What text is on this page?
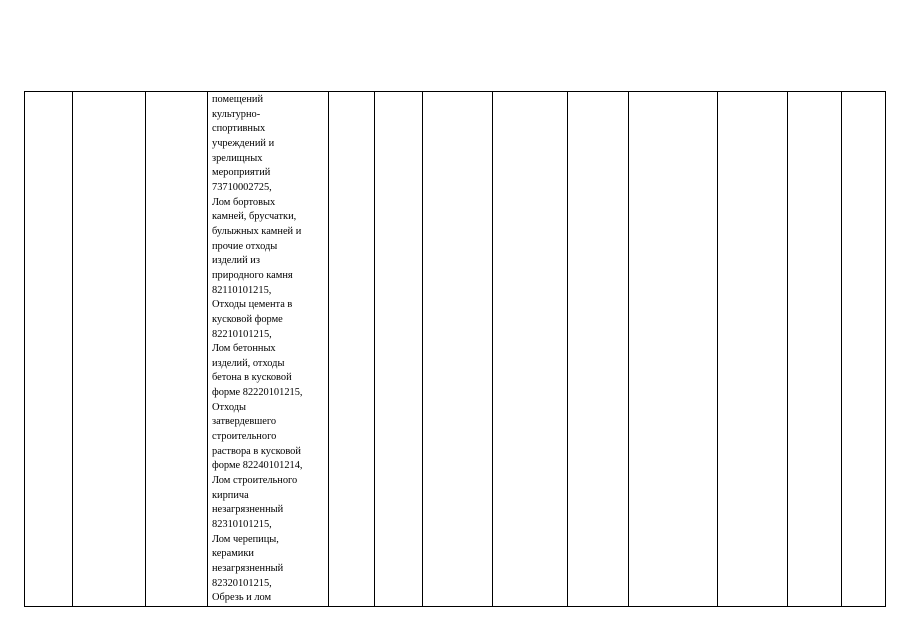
помещений
культурно-
спортивных
учреждений и
зрелищных
мероприятий
73710002725,
Лом бортовых
камней, брусчатки,
булыжных камней и
прочие отходы
изделий из
природного камня
82110101215,
Отходы цемента в
кусковой форме
82210101215,
Лом бетонных
изделий, отходы
бетона в кусковой
форме 82220101215,
Отходы
затвердевшего
строительного
раствора в кусковой
форме 82240101214,
Лом строительного
кирпича
незагрязненный
82310101215,
Лом черепицы,
керамики
незагрязненный
82320101215,
Обрезь и лом
